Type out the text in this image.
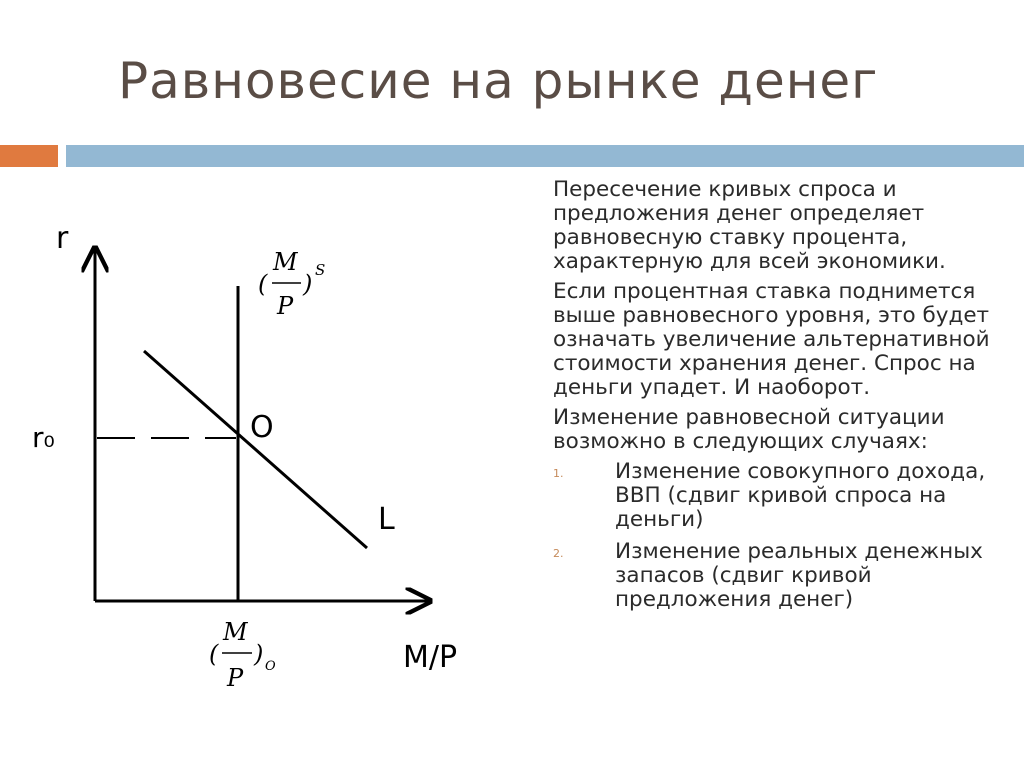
Равновесие на рынке денег
r
M/P
r₀	O
L
(
M
P
) S
(
M
P
) O

Пересечение кривых спроса и предложения денег определяет равновесную ставку процента, характерную для всей экономики.

Если процентная ставка поднимется выше равновесного уровня, это будет означать увеличение альтернативной стоимости хранения денег. Спрос на деньги упадет. И наоборот.

Изменение равновесной ситуации возможно в следующих случаях:

1. Изменение совокупного дохода, ВВП (сдвиг кривой спроса на деньги)
2. Изменение реальных денежных запасов (сдвиг кривой предложения денег)
